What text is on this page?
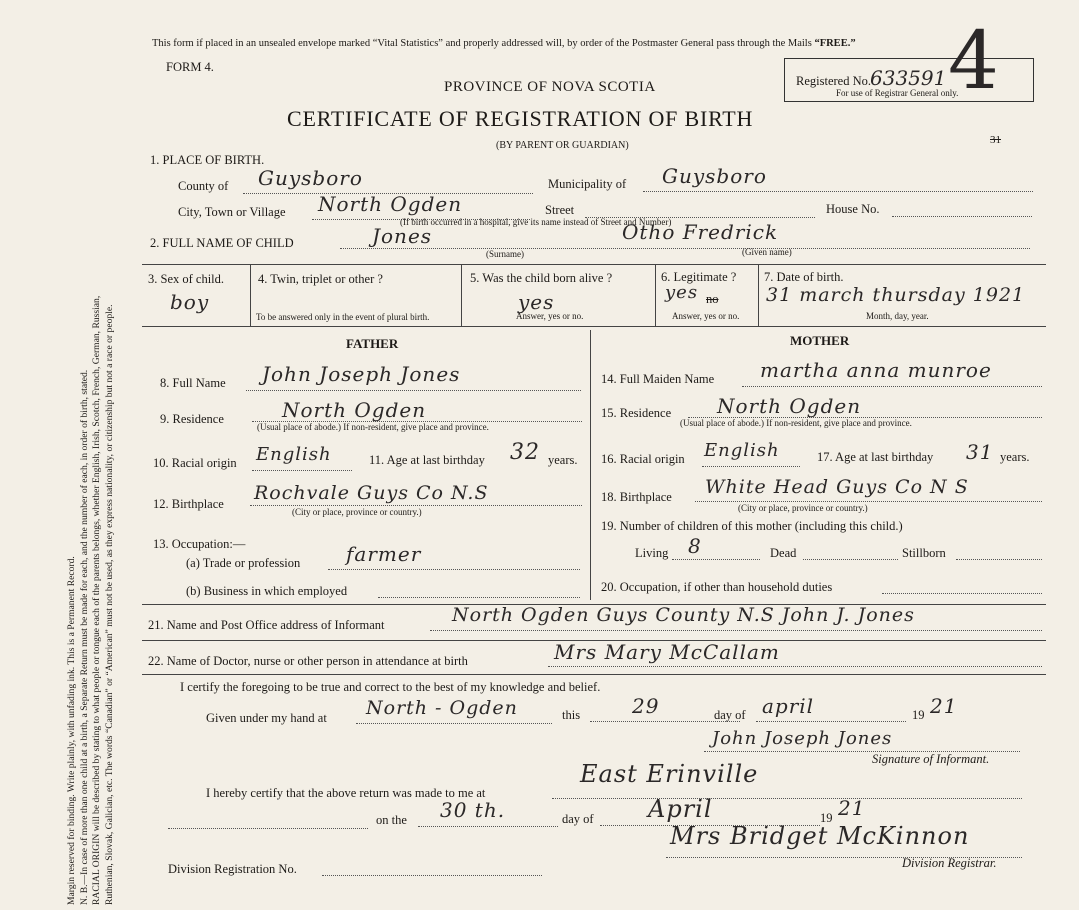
Margin reserved for binding. Write plainly, with unfading ink. This is a Permanent Record. N. B.—In case of more than one child at a birth, a Separate Return must be made for each, and the number of each, in order of birth, stated. RACIAL ORIGIN will be described by stating to what people or tongue each of the parents belongs, whether English, Irish, Scotch, French, German, Russian, Ruthenian, Slovak, Galician, etc. The words “Canadian” or “American” must not be used, as they express nationality, or citizenship but not a race or people.
This form if placed in an unsealed envelope marked “Vital Statistics” and properly addressed will, by order of the Postmaster General pass through the Mails “FREE.”
FORM 4.
PROVINCE OF NOVA SCOTIA
CERTIFICATE OF REGISTRATION OF BIRTH
(BY PARENT OR GUARDIAN)
Registered No. 633591
For use of Registrar General only.
4
31
1. PLACE OF BIRTH.
County of Guysboro	Municipality of Guysboro
City, Town or Village North Ogden	Street	House No.
(If birth occurred in a hospital, give its name instead of Street and Number)
2. FULL NAME OF CHILD	Jones	Otho Fredrick
(Surname)	(Given name)
3. Sex of child.
boy
4. Twin, triplet or other ?
To be answered only in the event of plural birth.
5. Was the child born alive ?
yes
Answer, yes or no.
6. Legitimate ?
yes no
Answer, yes or no.
7. Date of birth.
31 march thursday 1921
Month, day, year.
FATHER	MOTHER
8. Full Name John Joseph Jones
9. Residence	North Ogden
(Usual place of abode.) If non-resident, give place and province.
10. Racial origin English	11. Age at last birthday 32 years.
12. Birthplace Rochvale Guys Co N.S
(City or place, province or country.)
13. Occupation:—
(a) Trade or profession farmer
(b) Business in which employed
14. Full Maiden Name martha anna munroe
15. Residence North Ogden
(Usual place of abode.) If non-resident, give place and province.
16. Racial origin English	17. Age at last birthday 31 years.
18. Birthplace White Head Guys Co N S
(City or place, province or country.)
19. Number of children of this mother (including this child.)
Living 8	Dead	Stillborn
20. Occupation, if other than household duties
21. Name and Post Office address of Informant	North Ogden Guys County N.S John J. Jones
22. Name of Doctor, nurse or other person in attendance at birth	Mrs Mary McCallam
I certify the foregoing to be true and correct to the best of my knowledge and belief.
Given under my hand at North - Ogden	this	29	day of april	19 21
John Joseph Jones
Signature of Informant.
I hereby certify that the above return was made to me at
East Erinville
on the 30 th.	day of April	19 21
Mrs Bridget McKinnon
Division Registrar.
Division Registration No.
